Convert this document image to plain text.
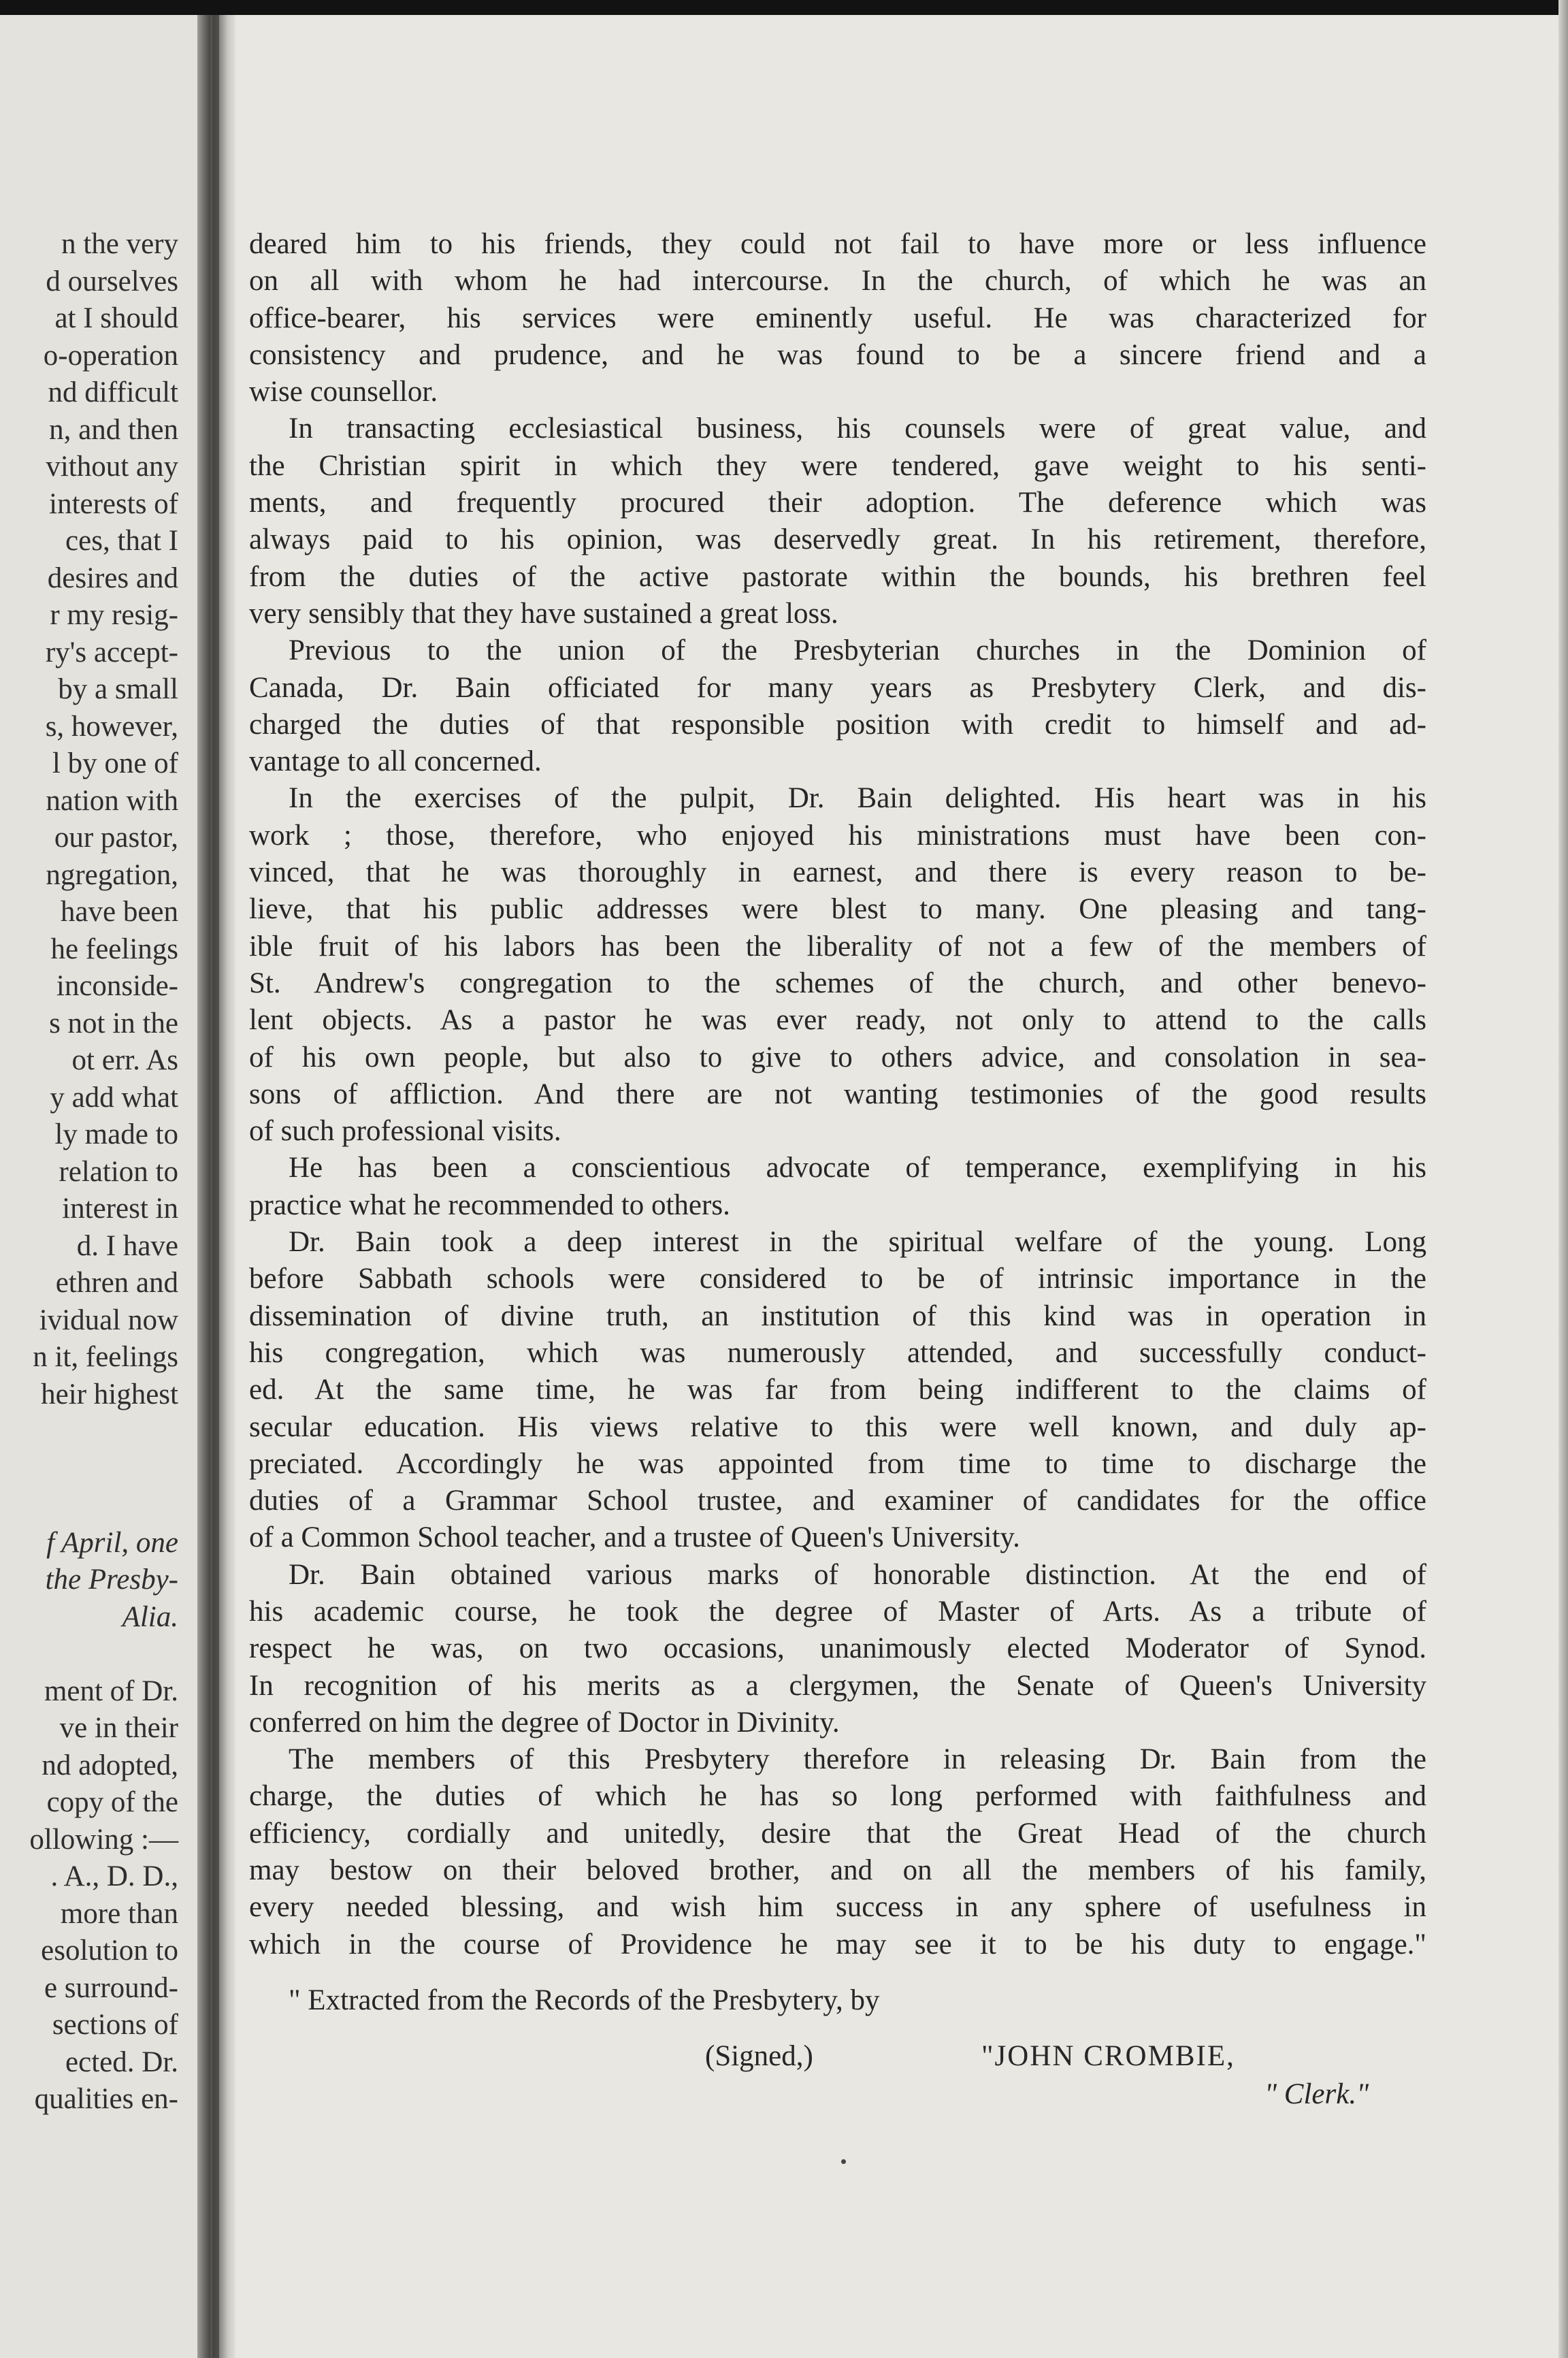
n the very
d ourselves
at I should
o-operation
nd difficult
n, and then
vithout any
interests of
ces, that I
desires and
r my resig-
ry's accept-
by a small
s, however,
l by one of
nation with
our pastor,
ngregation,
have been
he feelings
inconside-
s not in the
ot err. As
y add what
ly made to
relation to
interest in
d. I have
ethren and
ividual now
n it, feelings
heir highest
f April, one
the Presby-
Alia.
ment of Dr.
ve in their
nd adopted,
copy of the
ollowing :—
. A., D. D.,
more than
esolution to
e surround-
sections of
ected. Dr.
qualities en-
deared him to his friends, they could not fail to have more or less influence
on all with whom he had intercourse. In the church, of which he was an
office-bearer, his services were eminently useful. He was characterized for
consistency and prudence, and he was found to be a sincere friend and a
wise counsellor.
In transacting ecclesiastical business, his counsels were of great value, and
the Christian spirit in which they were tendered, gave weight to his senti-
ments, and frequently procured their adoption. The deference which was
always paid to his opinion, was deservedly great. In his retirement, therefore,
from the duties of the active pastorate within the bounds, his brethren feel
very sensibly that they have sustained a great loss.
Previous to the union of the Presbyterian churches in the Dominion of
Canada, Dr. Bain officiated for many years as Presbytery Clerk, and dis-
charged the duties of that responsible position with credit to himself and ad-
vantage to all concerned.
In the exercises of the pulpit, Dr. Bain delighted. His heart was in his
work ; those, therefore, who enjoyed his ministrations must have been con-
vinced, that he was thoroughly in earnest, and there is every reason to be-
lieve, that his public addresses were blest to many. One pleasing and tang-
ible fruit of his labors has been the liberality of not a few of the members of
St. Andrew's congregation to the schemes of the church, and other benevo-
lent objects. As a pastor he was ever ready, not only to attend to the calls
of his own people, but also to give to others advice, and consolation in sea-
sons of affliction. And there are not wanting testimonies of the good results
of such professional visits.
He has been a conscientious advocate of temperance, exemplifying in his
practice what he recommended to others.
Dr. Bain took a deep interest in the spiritual welfare of the young. Long
before Sabbath schools were considered to be of intrinsic importance in the
dissemination of divine truth, an institution of this kind was in operation in
his congregation, which was numerously attended, and successfully conduct-
ed. At the same time, he was far from being indifferent to the claims of
secular education. His views relative to this were well known, and duly ap-
preciated. Accordingly he was appointed from time to time to discharge the
duties of a Grammar School trustee, and examiner of candidates for the office
of a Common School teacher, and a trustee of Queen's University.
Dr. Bain obtained various marks of honorable distinction. At the end of
his academic course, he took the degree of Master of Arts. As a tribute of
respect he was, on two occasions, unanimously elected Moderator of Synod.
In recognition of his merits as a clergymen, the Senate of Queen's University
conferred on him the degree of Doctor in Divinity.
The members of this Presbytery therefore in releasing Dr. Bain from the
charge, the duties of which he has so long performed with faithfulness and
efficiency, cordially and unitedly, desire that the Great Head of the church
may bestow on their beloved brother, and on all the members of his family,
every needed blessing, and wish him success in any sphere of usefulness in
which in the course of Providence he may see it to be his duty to engage."
" Extracted from the Records of the Presbytery, by
(Signed,)	"JOHN CROMBIE,
" Clerk."
